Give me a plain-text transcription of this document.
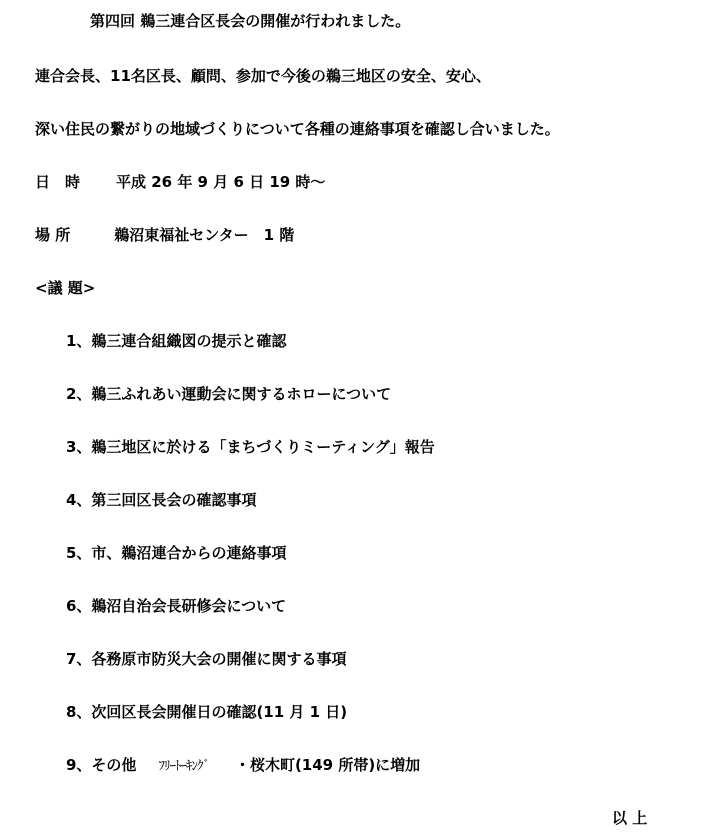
第四回 鵜三連合区長会の開催が行われました。
連合会長、11名区長、顧問、参加で今後の鵜三地区の安全、安心、
深い住民の繋がりの地域づくりについて各種の連絡事項を確認し合いました。
日　時 平成 26 年 9 月 6 日 19 時～
場 所	鵜沼東福祉センター　1 階
<議 題>
1、鵜三連合組織図の提示と確認
2、鵜三ふれあい運動会に関するホローについて
3、鵜三地区に於ける「まちづくりミーティング」報告
4、第三回区長会の確認事項
5、市、鵜沼連合からの連絡事項
6、鵜沼自治会長研修会について
7、各務原市防災大会の開催に関する事項
8、次回区長会開催日の確認(11 月 1 日)
9、その他 ﾌﾘｰﾄｰｷﾝｸﾞ ・桜木町(149 所帯)に増加
以 上
